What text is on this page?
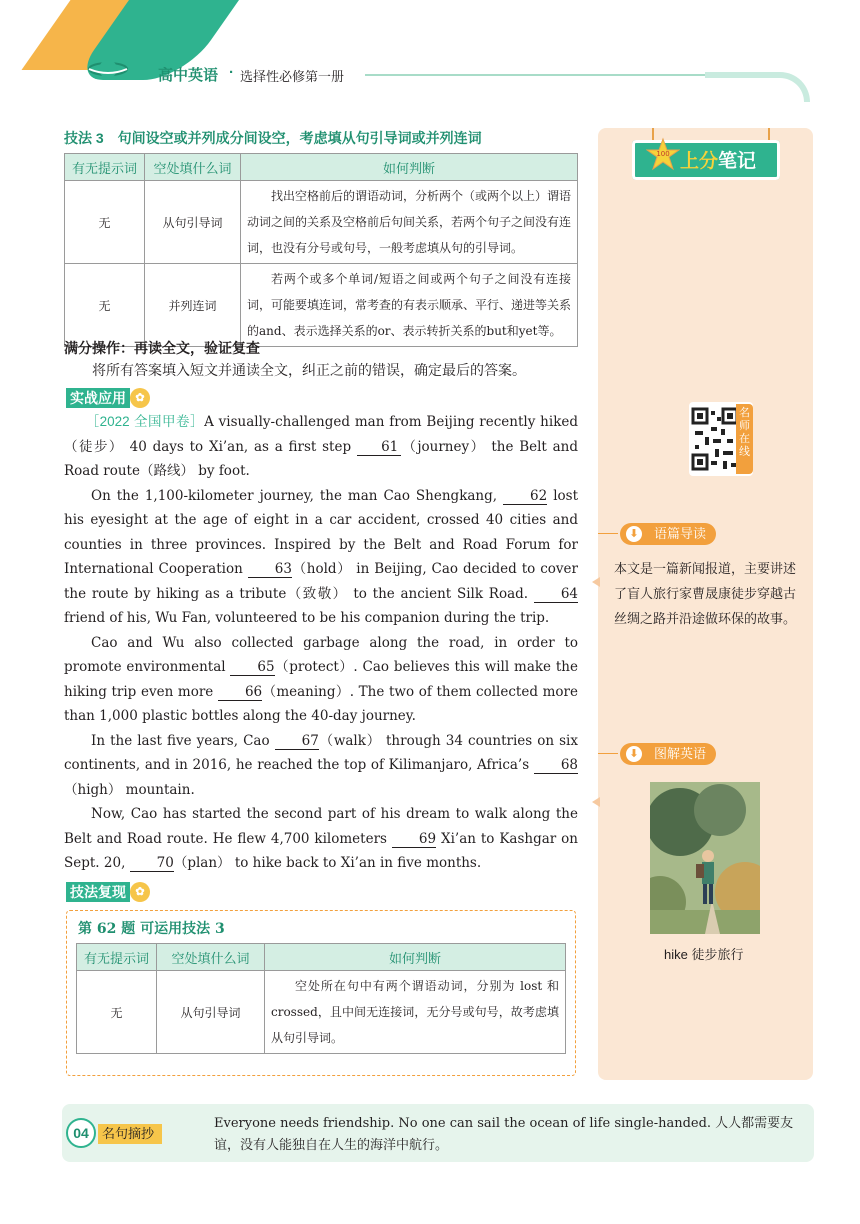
高中英语 · 选择性必修第一册
100 上分笔记
名师在线
⬇ 语篇导读
本文是一篇新闻报道，主要讲述了盲人旅行家曹晟康徒步穿越古丝绸之路并沿途做环保的故事。
⬇ 图解英语
hike 徒步旅行
技法 3　句间设空或并列成分间设空，考虑填从句引导词或并列连词
有无提示词	空处填什么词	如何判断
无	从句引导词	找出空格前后的谓语动词，分析两个（或两个以上）谓语动词之间的关系及空格前后句间关系，若两个句子之间没有连词，也没有分号或句号，一般考虑填从句的引导词。
无	并列连词	若两个或多个单词/短语之间或两个句子之间没有连接词，可能要填连词，常考查的有表示顺承、平行、递进等关系的and、表示选择关系的or、表示转折关系的but和yet等。
满分操作：再读全文，验证复查
将所有答案填入短文并通读全文，纠正之前的错误，确定最后的答案。
实战应用 ✿

［2022 全国甲卷］A visually-challenged man from Beijing recently hiked（徒步） 40 days to Xi’an, as a first step 61 （journey） the Belt and Road route（路线） by foot.

On the 1,100-kilometer journey, the man Cao Shengkang, 62 lost his eyesight at the age of eight in a car accident, crossed 40 cities and counties in three provinces. Inspired by the Belt and Road Forum for International Cooperation 63（hold） in Beijing, Cao decided to cover the route by hiking as a tribute（致敬） to the ancient Silk Road. 64 friend of his, Wu Fan, volunteered to be his companion during the trip.

Cao and Wu also collected garbage along the road, in order to promote environmental 65（protect）. Cao believes this will make the hiking trip even more 66（meaning）. The two of them collected more than 1,000 plastic bottles along the 40-day journey.

In the last five years, Cao 67（walk） through 34 countries on six continents, and in 2016, he reached the top of Kilimanjaro, Africa’s 68（high） mountain.

Now, Cao has started the second part of his dream to walk along the Belt and Road route. He flew 4,700 kilometers 69 Xi’an to Kashgar on Sept. 20, 70（plan） to hike back to Xi’an in five months.

技法复现 ✿
第 62 题 可运用技法 3
有无提示词	空处填什么词	如何判断
无	从句引导词	空处所在句中有两个谓语动词，分别为 lost 和 crossed，且中间无连接词，无分号或句号，故考虑填从句引导词。
04	名句摘抄
Everyone needs friendship. No one can sail the ocean of life single-handed. 人人都需要友谊，没有人能独自在人生的海洋中航行。
